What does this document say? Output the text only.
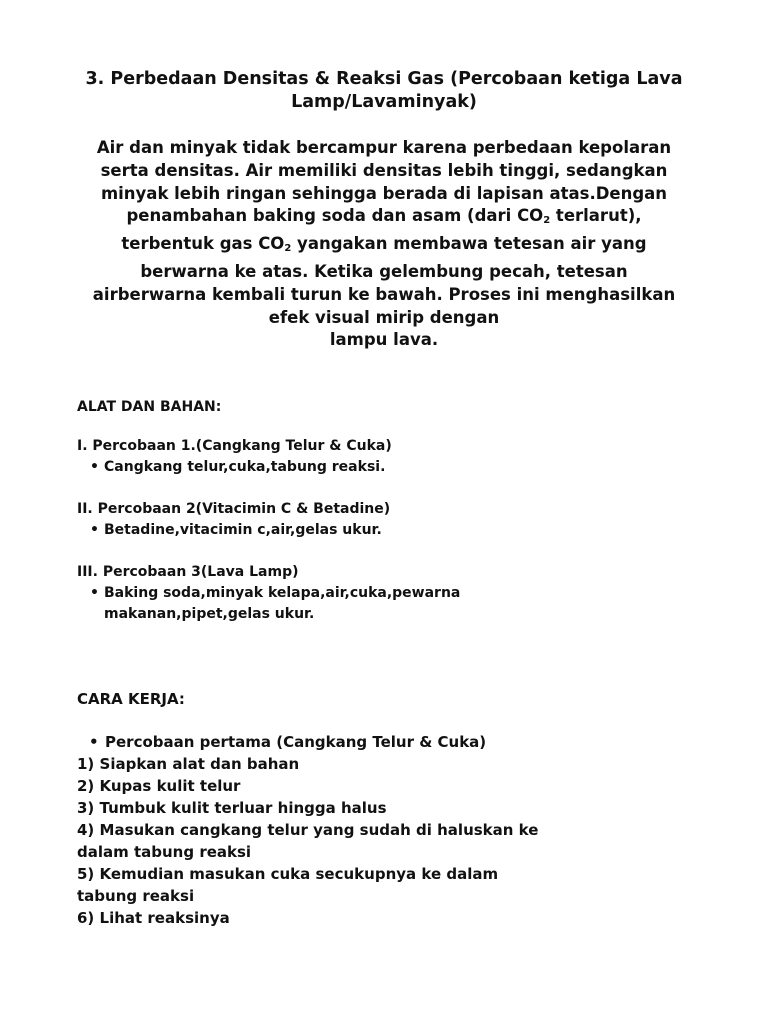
3. Perbedaan Densitas & Reaksi Gas (Percobaan ketiga Lava
Lamp/Lavaminyak)
Air dan minyak tidak bercampur karena perbedaan kepolaran
serta densitas. Air memiliki densitas lebih tinggi, sedangkan
minyak lebih ringan sehingga berada di lapisan atas.Dengan
penambahan baking soda dan asam (dari $CO_2$ terlarut),
terbentuk gas $CO_2$ yangakan membawa tetesan air yang
berwarna ke atas. Ketika gelembung pecah, tetesan
airberwarna kembali turun ke bawah. Proses ini menghasilkan
efek visual mirip dengan
lampu lava.
ALAT DAN BAHAN:
I. Percobaan 1.(Cangkang Telur & Cuka)
• Cangkang telur,cuka,tabung reaksi.
II. Percobaan 2(Vitacimin C & Betadine)
• Betadine,vitacimin c,air,gelas ukur.
III. Percobaan 3(Lava Lamp)
• Baking soda,minyak kelapa,air,cuka,pewarna makanan,pipet,gelas ukur.
CARA KERJA:
• Percobaan pertama (Cangkang Telur & Cuka)
1) Siapkan alat dan bahan
2) Kupas kulit telur
3) Tumbuk kulit terluar hingga halus
4) Masukan cangkang telur yang sudah di haluskan ke dalam tabung reaksi
5) Kemudian masukan cuka secukupnya ke dalam tabung reaksi
6) Lihat reaksinya
